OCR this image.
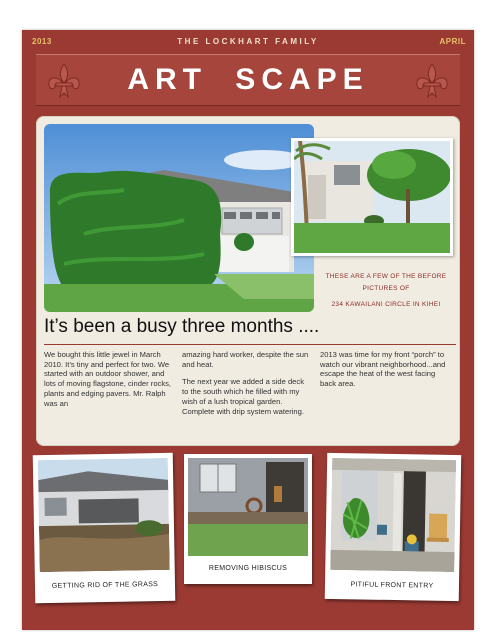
2013	THE LOCKHART FAMILY	APRIL
ART SCAPE
THESE ARE A FEW OF THE BEFORE
PICTURES OF
234 KAWAILANI CIRCLE IN KIHEI
It’s been a busy three months ....

We bought this little jewel in March 2010. It’s tiny and perfect for two. We started with an outdoor shower, and lots of moving flagstone, cinder rocks, plants and edging pavers. Mr. Ralph was an

amazing hard worker, despite the sun and heat.

The next year we added a side deck to the south which he filled with my wish of a lush tropical garden. Complete with drip system watering.

2013 was time for my front “porch” to watch our vibrant neighborhood...and escape the heat of the west facing back area.

GETTING RID OF THE GRASS
REMOVING HIBISCUS
PITIFUL FRONT ENTRY
